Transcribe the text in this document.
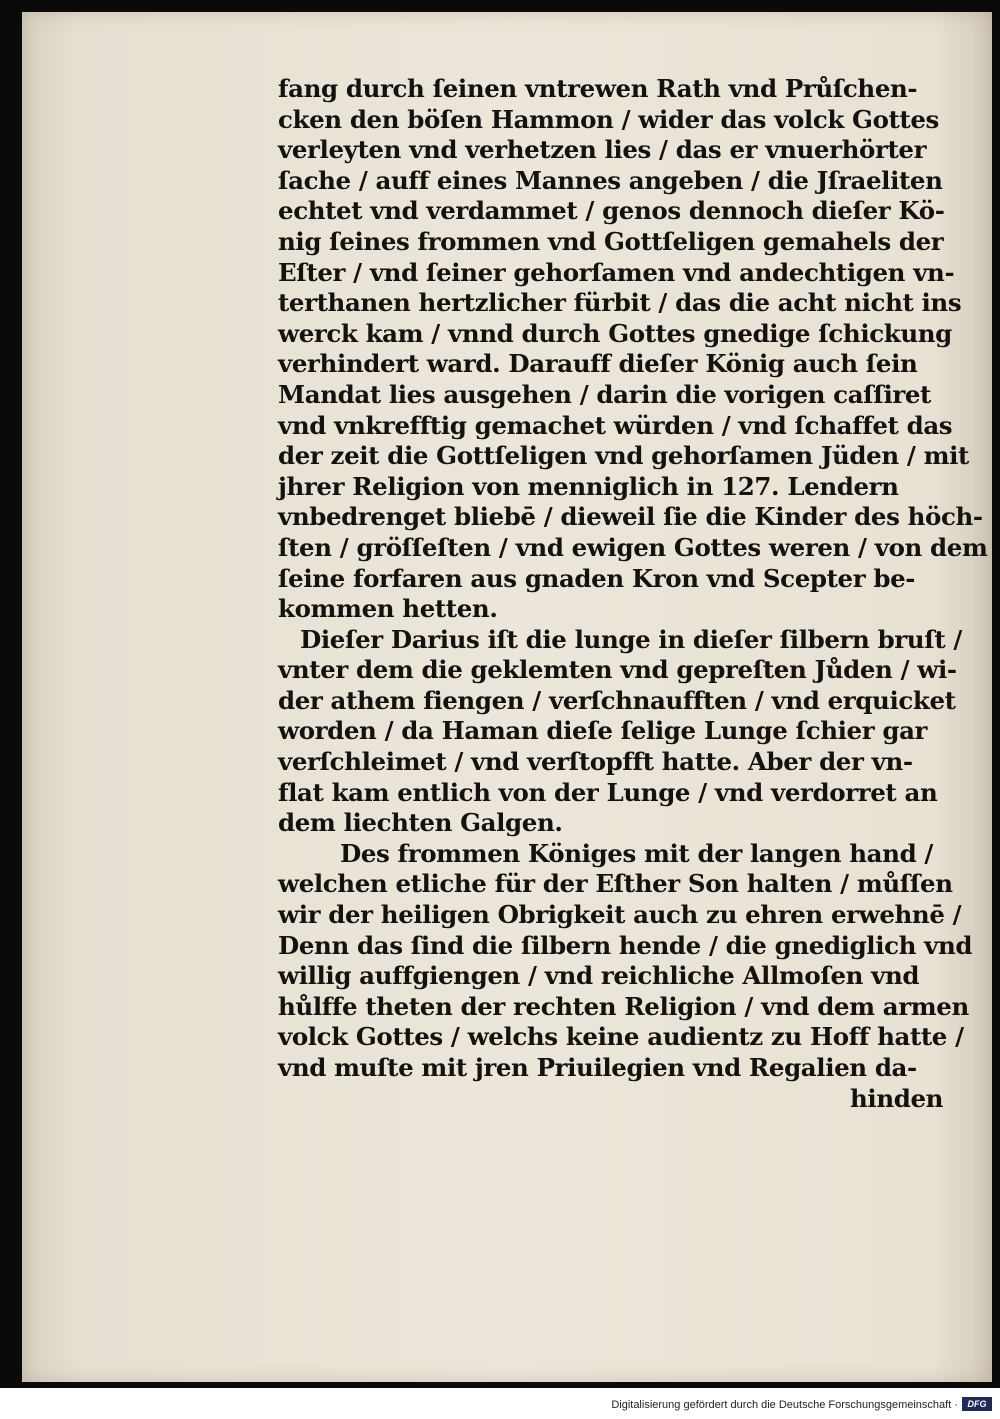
fang durch ſeinen vntrewen Rath vnd Průſchen-
cken den böſen Hammon / wider das volck Gottes
verleyten vnd verhetzen lies / das er vnuerhörter
ſache / auff eines Mannes angeben / die Jſraeliten
echtet vnd verdammet / genos dennoch dieſer Kö-
nig ſeines frommen vnd Gottſeligen gemahels der
Eſter / vnd ſeiner gehorſamen vnd andechtigen vn-
terthanen hertzlicher fürbit / das die acht nicht ins
werck kam / vnnd durch Gottes gnedige ſchickung
verhindert ward. Darauff dieſer König auch ſein
Mandat lies ausgehen / darin die vorigen caſſiret
vnd vnkrefftig gemachet würden / vnd ſchaffet das
der zeit die Gottſeligen vnd gehorſamen Jüden / mit
jhrer Religion von menniglich in 127. Lendern
vnbedrenget bliebē / dieweil ſie die Kinder des höch-
ſten / gröſſeſten / vnd ewigen Gottes weren / von dem
ſeine forfaren aus gnaden Kron vnd Scepter be-
kommen hetten.
Dieſer Darius iſt die lunge in dieſer ſilbern bruſt /
vnter dem die geklemten vnd gepreſten Jůden / wi-
der athem fiengen / verſchnaufften / vnd erquicket
worden / da Haman dieſe ſelige Lunge ſchier gar
verſchleimet / vnd verſtopfft hatte. Aber der vn-
flat kam entlich von der Lunge / vnd verdorret an
dem liechten Galgen.
Des frommen Königes mit der langen hand /
welchen etliche für der Eſther Son halten / můſſen
wir der heiligen Obrigkeit auch zu ehren erwehnē /
Denn das ſind die ſilbern hende / die gnediglich vnd
willig auffgiengen / vnd reichliche Allmoſen vnd
hůlffe theten der rechten Religion / vnd dem armen
volck Gottes / welchs keine audientz zu Hoff hatte /
vnd muſte mit jren Priuilegien vnd Regalien da-
hinden
Digitalisierung gefördert durch die Deutsche Forschungsgemeinschaft ·	DFG
